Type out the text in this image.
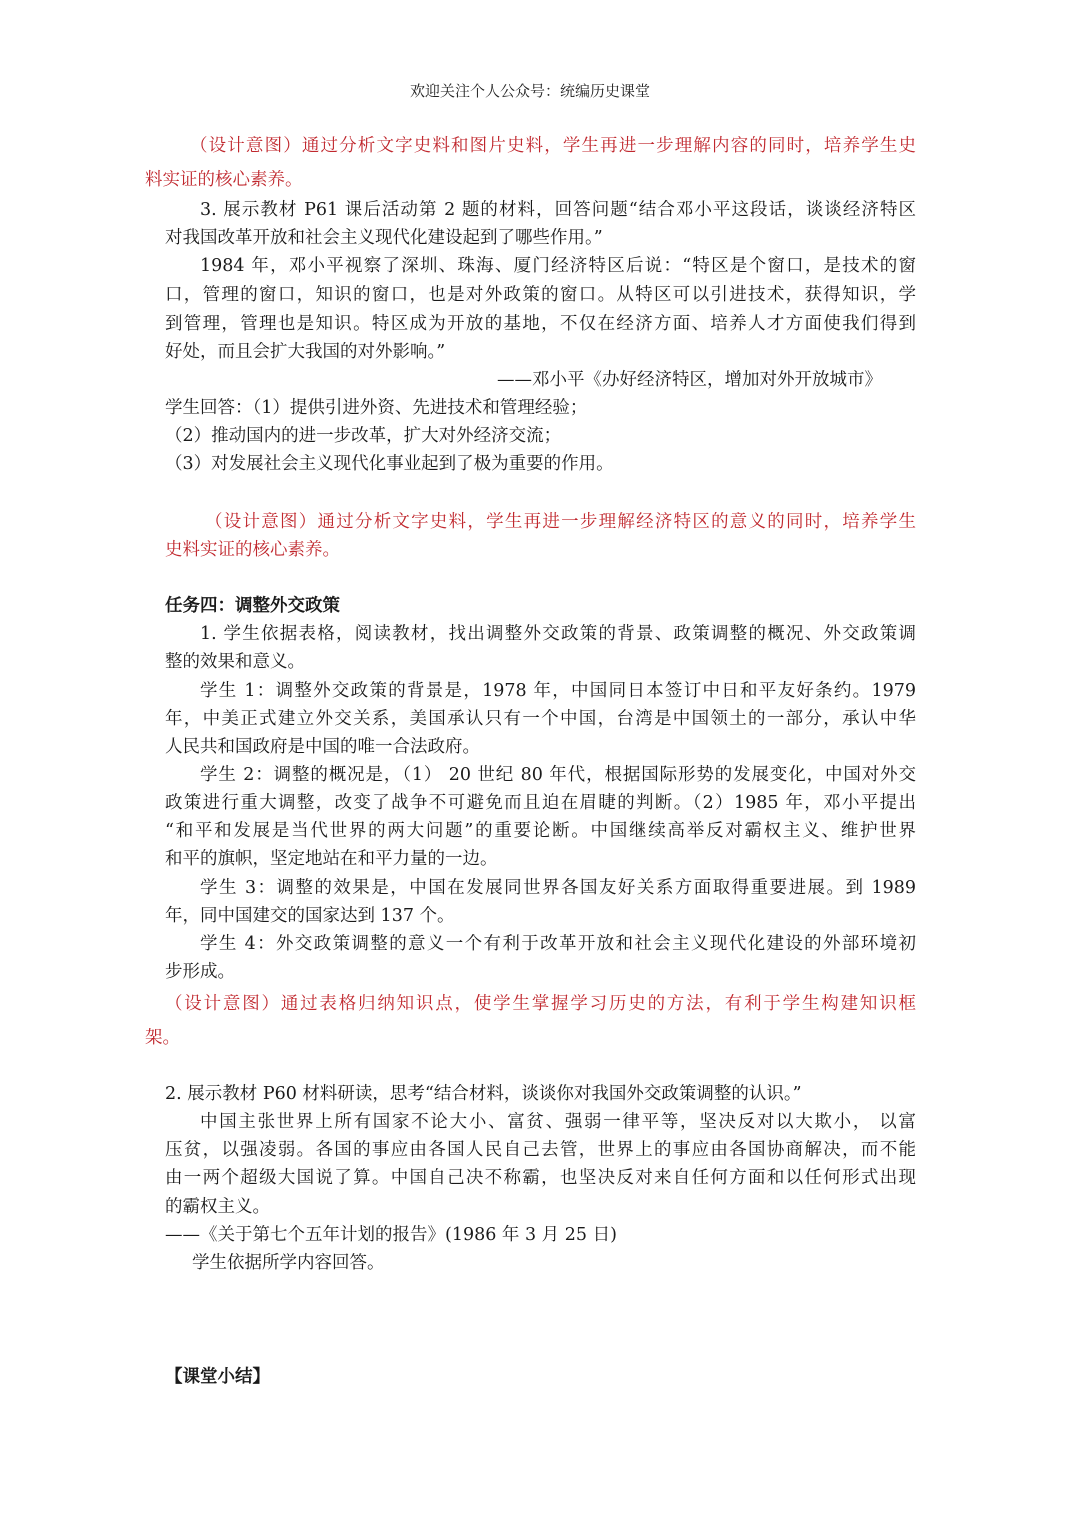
欢迎关注个人公众号：统编历史课堂

（设计意图）通过分析文字史料和图片史料，学生再进一步理解内容的同时，培养学生史

料实证的核心素养。

3. 展示教材 P61 课后活动第 2 题的材料，回答问题“结合邓小平这段话，谈谈经济特区

对我国改革开放和社会主义现代化建设起到了哪些作用。”

1984 年，邓小平视察了深圳、珠海、厦门经济特区后说：“特区是个窗口，是技术的窗

口，管理的窗口，知识的窗口，也是对外政策的窗口。从特区可以引进技术，获得知识，学

到管理，管理也是知识。特区成为开放的基地，不仅在经济方面、培养人才方面使我们得到

好处，而且会扩大我国的对外影响。”

——邓小平《办好经济特区，增加对外开放城市》

学生回答：（1）提供引进外资、先进技术和管理经验；

（2）推动国内的进一步改革，扩大对外经济交流；

（3）对发展社会主义现代化事业起到了极为重要的作用。

（设计意图）通过分析文字史料，学生再进一步理解经济特区的意义的同时，培养学生

史料实证的核心素养。

任务四：调整外交政策

1. 学生依据表格，阅读教材，找出调整外交政策的背景、政策调整的概况、外交政策调

整的效果和意义。

学生 1：调整外交政策的背景是，1978 年，中国同日本签订中日和平友好条约。1979

年，中美正式建立外交关系，美国承认只有一个中国，台湾是中国领土的一部分，承认中华

人民共和国政府是中国的唯一合法政府。

学生 2：调整的概况是，（1） 20 世纪 80 年代，根据国际形势的发展变化，中国对外交

政策进行重大调整，改变了战争不可避免而且迫在眉睫的判断。（2）1985 年，邓小平提出

“和平和发展是当代世界的两大问题”的重要论断。中国继续高举反对霸权主义、维护世界

和平的旗帜，坚定地站在和平力量的一边。

学生 3：调整的效果是，中国在发展同世界各国友好关系方面取得重要进展。到 1989

年，同中国建交的国家达到 137 个。

学生 4：外交政策调整的意义一个有利于改革开放和社会主义现代化建设的外部环境初

步形成。

（设计意图）通过表格归纳知识点，使学生掌握学习历史的方法，有利于学生构建知识框

架。

2. 展示教材 P60 材料研读，思考“结合材料，谈谈你对我国外交政策调整的认识。”

中国主张世界上所有国家不论大小、富贫、强弱一律平等，坚决反对以大欺小， 以富

压贫，以强凌弱。各国的事应由各国人民自己去管，世界上的事应由各国协商解决，而不能

由一两个超级大国说了算。中国自己决不称霸，也坚决反对来自任何方面和以任何形式出现

的霸权主义。

——《关于第七个五年计划的报告》(1986 年 3 月 25 日)

学生依据所学内容回答。

【课堂小结】
